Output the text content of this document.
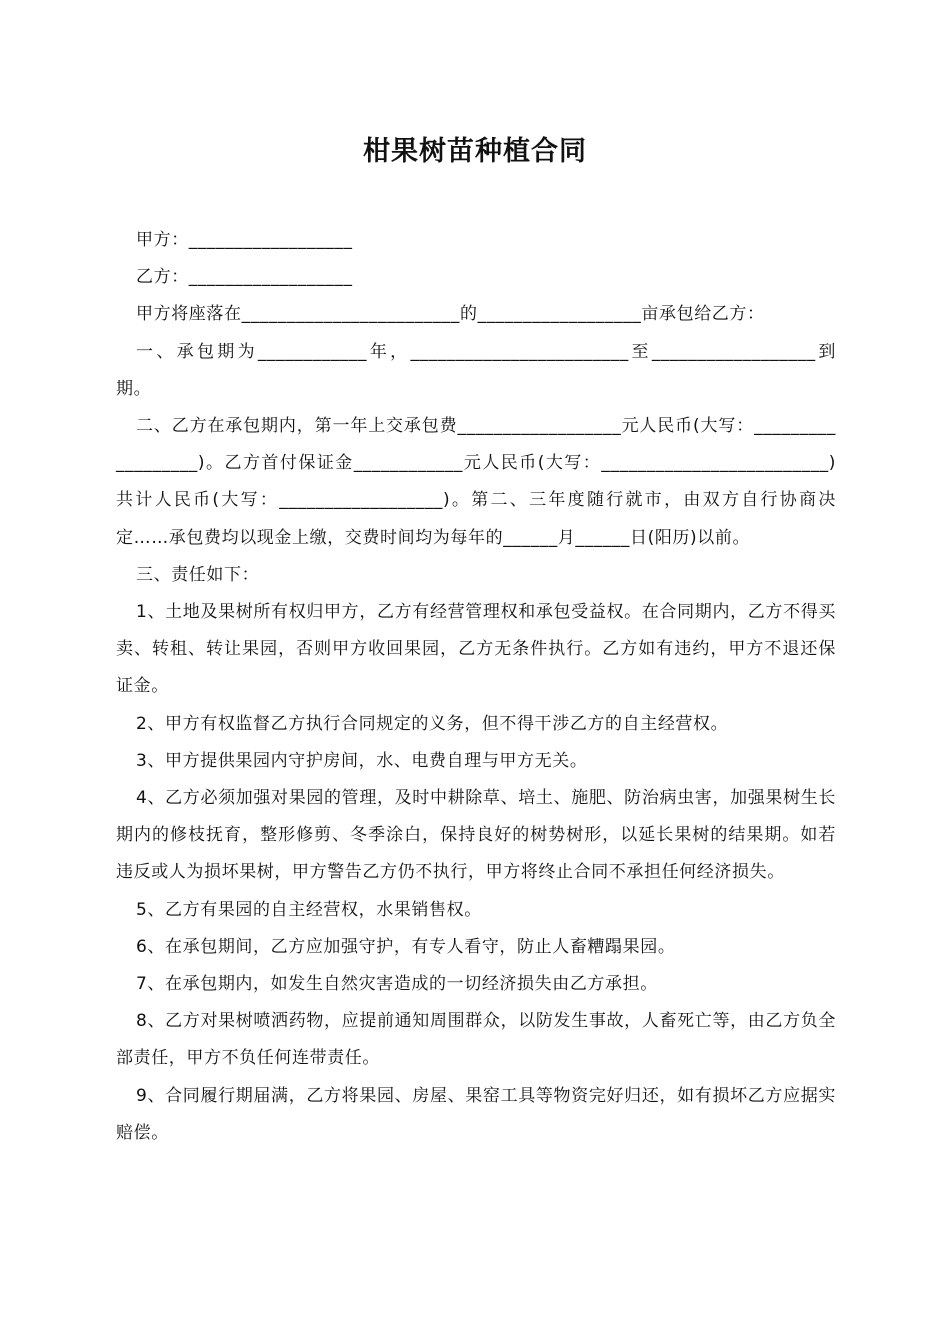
柑果树苗种植合同

甲方：__________________

乙方：__________________

甲方将座落在________________________的__________________亩承包给乙方：

一、承包期为____________年，________________________至__________________到期。

二、乙方在承包期内，第一年上交承包费__________________元人民币(大写：__________________)。乙方首付保证金____________元人民币(大写：_________________________)共计人民币(大写：__________________)。第二、三年度随行就市，由双方自行协商决定……承包费均以现金上缴，交费时间均为每年的______月______日(阳历)以前。

三、责任如下：

1、土地及果树所有权归甲方，乙方有经营管理权和承包受益权。在合同期内，乙方不得买卖、转租、转让果园，否则甲方收回果园，乙方无条件执行。乙方如有违约，甲方不退还保证金。

2、甲方有权监督乙方执行合同规定的义务，但不得干涉乙方的自主经营权。

3、甲方提供果园内守护房间，水、电费自理与甲方无关。

4、乙方必须加强对果园的管理，及时中耕除草、培土、施肥、防治病虫害，加强果树生长期内的修枝抚育，整形修剪、冬季涂白，保持良好的树势树形，以延长果树的结果期。如若违反或人为损坏果树，甲方警告乙方仍不执行，甲方将终止合同不承担任何经济损失。

5、乙方有果园的自主经营权，水果销售权。

6、在承包期间，乙方应加强守护，有专人看守，防止人畜糟蹋果园。

7、在承包期内，如发生自然灾害造成的一切经济损失由乙方承担。

8、乙方对果树喷洒药物，应提前通知周围群众，以防发生事故，人畜死亡等，由乙方负全部责任，甲方不负任何连带责任。

9、合同履行期届满，乙方将果园、房屋、果窑工具等物资完好归还，如有损坏乙方应据实赔偿。
